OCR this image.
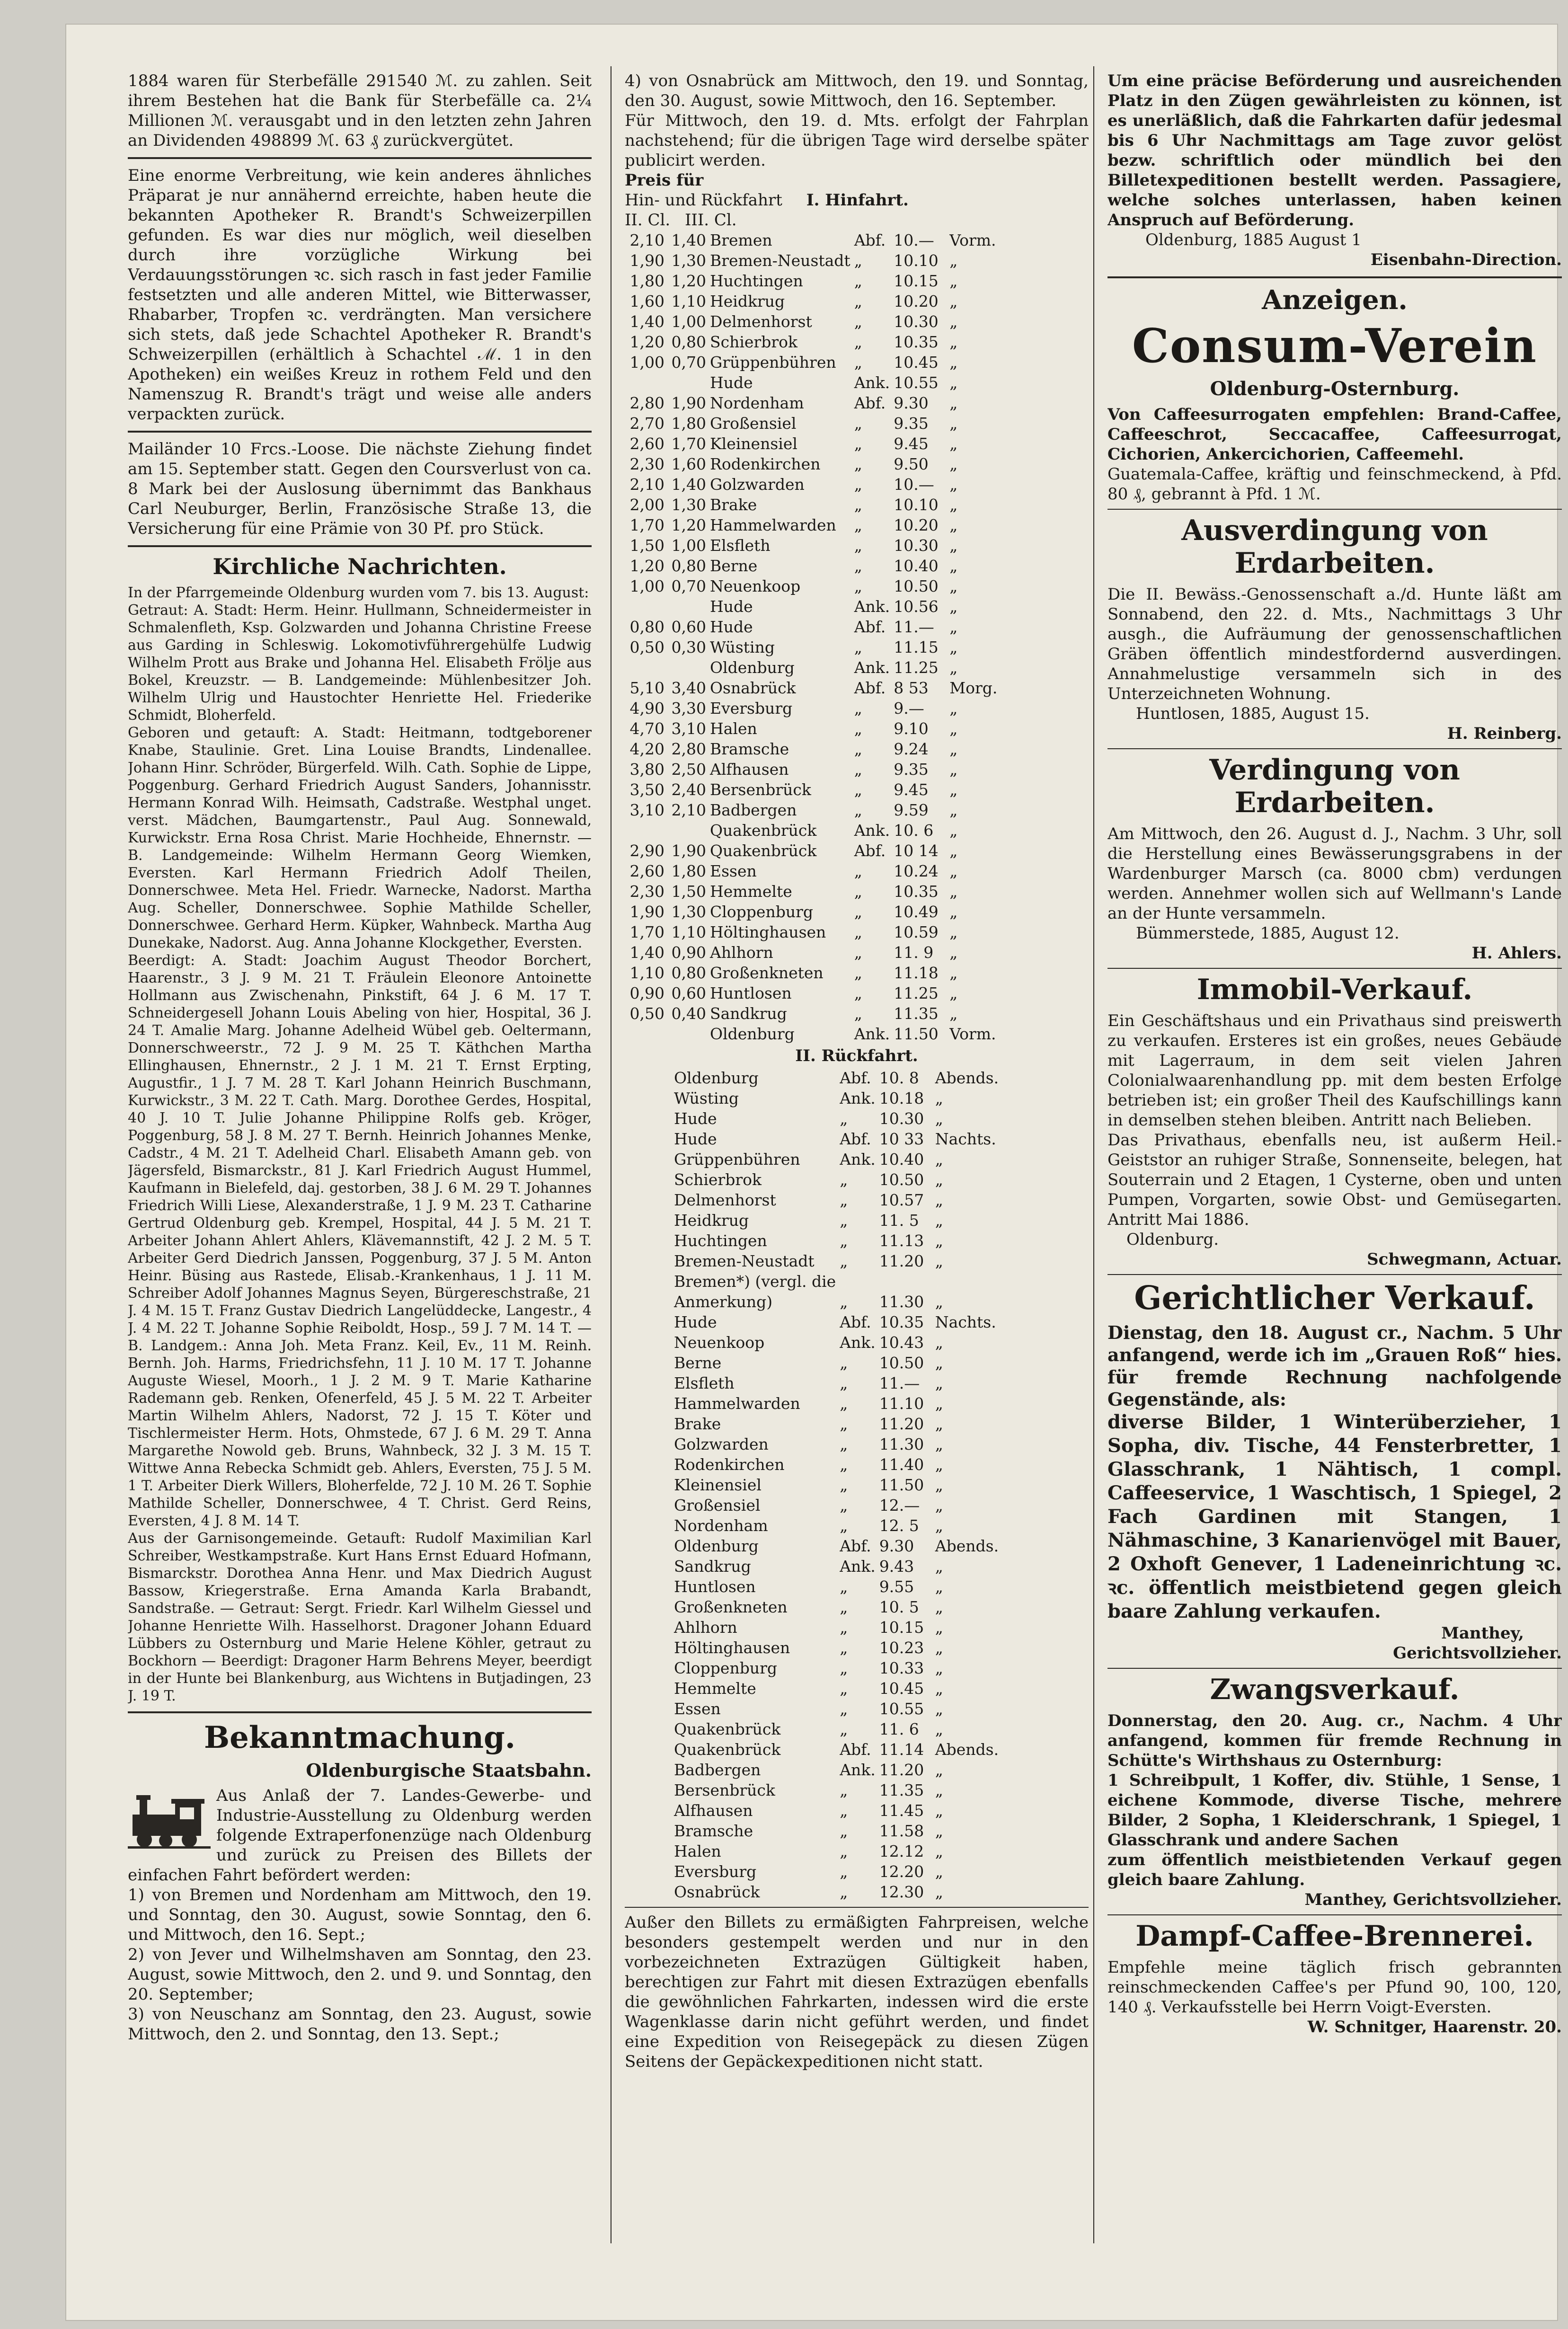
1884 waren für Sterbefälle 291540 ℳ. zu zahlen. Seit ihrem Bestehen hat die Bank für Sterbefälle ca. 2¼ Millionen ℳ. verausgabt und in den letzten zehn Jahren an Dividenden 498899 ℳ. 63 ₰ zurückvergütet.

Eine enorme Verbreitung, wie kein anderes ähnliches Präparat je nur annähernd erreichte, haben heute die bekannten Apotheker R. Brandt's Schweizerpillen gefunden. Es war dies nur möglich, weil dieselben durch ihre vorzügliche Wirkung bei Verdauungsstörungen ꝛc. sich rasch in fast jeder Familie festsetzten und alle anderen Mittel, wie Bitterwasser, Rhabarber, Tropfen ꝛc. verdrängten. Man versichere sich stets, daß jede Schachtel Apotheker R. Brandt's Schweizerpillen (erhältlich à Schachtel ℳ. 1 in den Apotheken) ein weißes Kreuz in rothem Feld und den Namenszug R. Brandt's trägt und weise alle anders verpackten zurück.

Mailänder 10 Frcs.-Loose. Die nächste Ziehung findet am 15. September statt. Gegen den Coursverlust von ca. 8 Mark bei der Auslosung übernimmt das Bankhaus Carl Neuburger, Berlin, Französische Straße 13, die Versicherung für eine Prämie von 30 Pf. pro Stück.

Kirchliche Nachrichten.

In der Pfarrgemeinde Oldenburg wurden vom 7. bis 13. August:

Getraut: A. Stadt: Herm. Heinr. Hullmann, Schneidermeister in Schmalenfleth, Ksp. Golzwarden und Johanna Christine Freese aus Garding in Schleswig. Lokomotivführergehülfe Ludwig Wilhelm Prott aus Brake und Johanna Hel. Elisabeth Frölje aus Bokel, Kreuzstr. — B. Landgemeinde: Mühlenbesitzer Joh. Wilhelm Ulrig und Haustochter Henriette Hel. Friederike Schmidt, Bloherfeld.

Geboren und getauft: A. Stadt: Heitmann, todtgeborener Knabe, Staulinie. Gret. Lina Louise Brandts, Lindenallee. Johann Hinr. Schröder, Bürgerfeld. Wilh. Cath. Sophie de Lippe, Poggenburg. Gerhard Friedrich August Sanders, Johannisstr. Hermann Konrad Wilh. Heimsath, Cadstraße. Westphal unget. verst. Mädchen, Baumgartenstr., Paul Aug. Sonnewald, Kurwickstr. Erna Rosa Christ. Marie Hochheide, Ehnernstr. — B. Landgemeinde: Wilhelm Hermann Georg Wiemken, Eversten. Karl Hermann Friedrich Adolf Theilen, Donnerschwee. Meta Hel. Friedr. Warnecke, Nadorst. Martha Aug. Scheller, Donnerschwee. Sophie Mathilde Scheller, Donnerschwee. Gerhard Herm. Küpker, Wahnbeck. Martha Aug Dunekake, Nadorst. Aug. Anna Johanne Klockgether, Eversten.

Beerdigt: A. Stadt: Joachim August Theodor Borchert, Haarenstr., 3 J. 9 M. 21 T. Fräulein Eleonore Antoinette Hollmann aus Zwischenahn, Pinkstift, 64 J. 6 M. 17 T. Schneidergesell Johann Louis Abeling von hier, Hospital, 36 J. 24 T. Amalie Marg. Johanne Adelheid Wübel geb. Oeltermann, Donnerschweerstr., 72 J. 9 M. 25 T. Käthchen Martha Ellinghausen, Ehnernstr., 2 J. 1 M. 21 T. Ernst Erpting, Augustfir., 1 J. 7 M. 28 T. Karl Johann Heinrich Buschmann, Kurwickstr., 3 M. 22 T. Cath. Marg. Dorothee Gerdes, Hospital, 40 J. 10 T. Julie Johanne Philippine Rolfs geb. Kröger, Poggenburg, 58 J. 8 M. 27 T. Bernh. Heinrich Johannes Menke, Cadstr., 4 M. 21 T. Adelheid Charl. Elisabeth Amann geb. von Jägersfeld, Bismarckstr., 81 J. Karl Friedrich August Hummel, Kaufmann in Bielefeld, daj. gestorben, 38 J. 6 M. 29 T. Johannes Friedrich Willi Liese, Alexanderstraße, 1 J. 9 M. 23 T. Catharine Gertrud Oldenburg geb. Krempel, Hospital, 44 J. 5 M. 21 T. Arbeiter Johann Ahlert Ahlers, Klävemannstift, 42 J. 2 M. 5 T. Arbeiter Gerd Diedrich Janssen, Poggenburg, 37 J. 5 M. Anton Heinr. Büsing aus Rastede, Elisab.-Krankenhaus, 1 J. 11 M. Schreiber Adolf Johannes Magnus Seyen, Bürgereschstraße, 21 J. 4 M. 15 T. Franz Gustav Diedrich Langelüddecke, Langestr., 4 J. 4 M. 22 T. Johanne Sophie Reiboldt, Hosp., 59 J. 7 M. 14 T. — B. Landgem.: Anna Joh. Meta Franz. Keil, Ev., 11 M. Reinh. Bernh. Joh. Harms, Friedrichsfehn, 11 J. 10 M. 17 T. Johanne Auguste Wiesel, Moorh., 1 J. 2 M. 9 T. Marie Katharine Rademann geb. Renken, Ofenerfeld, 45 J. 5 M. 22 T. Arbeiter Martin Wilhelm Ahlers, Nadorst, 72 J. 15 T. Köter und Tischlermeister Herm. Hots, Ohmstede, 67 J. 6 M. 29 T. Anna Margarethe Nowold geb. Bruns, Wahnbeck, 32 J. 3 M. 15 T. Wittwe Anna Rebecka Schmidt geb. Ahlers, Eversten, 75 J. 5 M. 1 T. Arbeiter Dierk Willers, Bloherfelde, 72 J. 10 M. 26 T. Sophie Mathilde Scheller, Donnerschwee, 4 T. Christ. Gerd Reins, Eversten, 4 J. 8 M. 14 T.

Aus der Garnisongemeinde. Getauft: Rudolf Maximilian Karl Schreiber, Westkampstraße. Kurt Hans Ernst Eduard Hofmann, Bismarckstr. Dorothea Anna Henr. und Max Diedrich August Bassow, Kriegerstraße. Erna Amanda Karla Brabandt, Sandstraße. — Getraut: Sergt. Friedr. Karl Wilhelm Giessel und Johanne Henriette Wilh. Hasselhorst. Dragoner Johann Eduard Lübbers zu Osternburg und Marie Helene Köhler, getraut zu Bockhorn — Beerdigt: Dragoner Harm Behrens Meyer, beerdigt in der Hunte bei Blankenburg, aus Wichtens in Butjadingen, 23 J. 19 T.

Bekanntmachung.
Oldenburgische Staatsbahn.

Aus Anlaß der 7. Landes-Gewerbe- und Industrie-Ausstellung zu Oldenburg werden folgende Extraperfonenzüge nach Oldenburg und zurück zu Preisen des Billets der einfachen Fahrt befördert werden:

1) von Bremen und Nordenham am Mittwoch, den 19. und Sonntag, den 30. August, sowie Sonntag, den 6. und Mittwoch, den 16. Sept.;

2) von Jever und Wilhelmshaven am Sonntag, den 23. August, sowie Mittwoch, den 2. und 9. und Sonntag, den 20. September;

3) von Neuschanz am Sonntag, den 23. August, sowie Mittwoch, den 2. und Sonntag, den 13. Sept.;

4) von Osnabrück am Mittwoch, den 19. und Sonntag, den 30. August, sowie Mittwoch, den 16. September.

Für Mittwoch, den 19. d. Mts. erfolgt der Fahrplan nachstehend; für die übrigen Tage wird derselbe später publicirt werden.

Preis für
Hin- und Rückfahrt I. Hinfahrt.
II. Cl. III. Cl.
2,10	1,40	Bremen	Abf.	10.—	Vorm.
1,90	1,30	Bremen-Neustadt	„	10.10	„
1,80	1,20	Huchtingen	„	10.15	„
1,60	1,10	Heidkrug	„	10.20	„
1,40	1,00	Delmenhorst	„	10.30	„
1,20	0,80	Schierbrok	„	10.35	„
1,00	0,70	Grüppenbühren	„	10.45	„
		Hude	Ank.	10.55	„
2,80	1,90	Nordenham	Abf.	9.30	„
2,70	1,80	Großensiel	„	9.35	„
2,60	1,70	Kleinensiel	„	9.45	„
2,30	1,60	Rodenkirchen	„	9.50	„
2,10	1,40	Golzwarden	„	10.—	„
2,00	1,30	Brake	„	10.10	„
1,70	1,20	Hammelwarden	„	10.20	„
1,50	1,00	Elsfleth	„	10.30	„
1,20	0,80	Berne	„	10.40	„
1,00	0,70	Neuenkoop	„	10.50	„
		Hude	Ank.	10.56	„
0,80	0,60	Hude	Abf.	11.—	„
0,50	0,30	Wüsting	„	11.15	„
		Oldenburg	Ank.	11.25	„
5,10	3,40	Osnabrück	Abf.	8 53	Morg.
4,90	3,30	Eversburg	„	9.—	„
4,70	3,10	Halen	„	9.10	„
4,20	2,80	Bramsche	„	9.24	„
3,80	2,50	Alfhausen	„	9.35	„
3,50	2,40	Bersenbrück	„	9.45	„
3,10	2,10	Badbergen	„	9.59	„
		Quakenbrück	Ank.	10. 6	„
2,90	1,90	Quakenbrück	Abf.	10 14	„
2,60	1,80	Essen	„	10.24	„
2,30	1,50	Hemmelte	„	10.35	„
1,90	1,30	Cloppenburg	„	10.49	„
1,70	1,10	Höltinghausen	„	10.59	„
1,40	0,90	Ahlhorn	„	11. 9	„
1,10	0,80	Großenkneten	„	11.18	„
0,90	0,60	Huntlosen	„	11.25	„
0,50	0,40	Sandkrug	„	11.35	„
		Oldenburg	Ank.	11.50	Vorm.
II. Rückfahrt.
Oldenburg	Abf.	10. 8	Abends.
Wüsting	Ank.	10.18	„
Hude	„	10.30	„

Hude	Abf.	10 33	Nachts.
Grüppenbühren	Ank.	10.40	„
Schierbrok	„	10.50	„
Delmenhorst	„	10.57	„
Heidkrug	„	11. 5	„
Huchtingen	„	11.13	„
Bremen-Neustadt	„	11.20	„
Bremen*) (vergl. die			
Anmerkung)	„	11.30	„

Hude	Abf.	10.35	Nachts.
Neuenkoop	Ank.	10.43	„
Berne	„	10.50	„
Elsfleth	„	11.—	„
Hammelwarden	„	11.10	„
Brake	„	11.20	„
Golzwarden	„	11.30	„
Rodenkirchen	„	11.40	„
Kleinensiel	„	11.50	„
Großensiel	„	12.—	„
Nordenham	„	12. 5	„

Oldenburg	Abf.	9.30	Abends.
Sandkrug	Ank.	9.43	„
Huntlosen	„	9.55	„
Großenkneten	„	10. 5	„
Ahlhorn	„	10.15	„
Höltinghausen	„	10.23	„
Cloppenburg	„	10.33	„
Hemmelte	„	10.45	„
Essen	„	10.55	„
Quakenbrück	„	11. 6	„

Quakenbrück	Abf.	11.14	Abends.
Badbergen	Ank.	11.20	„
Bersenbrück	„	11.35	„
Alfhausen	„	11.45	„
Bramsche	„	11.58	„
Halen	„	12.12	„
Eversburg	„	12.20	„
Osnabrück	„	12.30	„

Außer den Billets zu ermäßigten Fahrpreisen, welche besonders gestempelt werden und nur in den vorbezeichneten Extrazügen Gültigkeit haben, berechtigen zur Fahrt mit diesen Extrazügen ebenfalls die gewöhnlichen Fahrkarten, indessen wird die erste Wagenklasse darin nicht geführt werden, und findet eine Expedition von Reisegepäck zu diesen Zügen Seitens der Gepäckexpeditionen nicht statt.

Um eine präcise Beförderung und ausreichenden Platz in den Zügen gewährleisten zu können, ist es unerläßlich, daß die Fahrkarten dafür jedesmal bis 6 Uhr Nachmittags am Tage zuvor gelöst bezw. schriftlich oder mündlich bei den Billetexpeditionen bestellt werden. Passagiere, welche solches unterlassen, haben keinen Anspruch auf Beförderung.

Oldenburg, 1885 August 1

Eisenbahn-Direction.

Anzeigen.
Consum-Verein
Oldenburg-Osternburg.

Von Caffeesurrogaten empfehlen: Brand-Caffee, Caffeeschrot, Seccacaffee, Caffeesurrogat, Cichorien, Ankercichorien, Caffeemehl.

Guatemala-Caffee, kräftig und feinschmeckend, à Pfd. 80 ₰, gebrannt à Pfd. 1 ℳ.

Ausverdingung von Erdarbeiten.

Die II. Bewäss.-Genossenschaft a./d. Hunte läßt am Sonnabend, den 22. d. Mts., Nachmittags 3 Uhr ausgh., die Aufräumung der genossenschaftlichen Gräben öffentlich mindestfordernd ausverdingen. Annahmelustige versammeln sich in des Unterzeichneten Wohnung.

Huntlosen, 1885, August 15.

H. Reinberg.

Verdingung von Erdarbeiten.

Am Mittwoch, den 26. August d. J., Nachm. 3 Uhr, soll die Herstellung eines Bewässerungsgrabens in der Wardenburger Marsch (ca. 8000 cbm) verdungen werden. Annehmer wollen sich auf Wellmann's Lande an der Hunte versammeln.

Bümmerstede, 1885, August 12.

H. Ahlers.

Immobil-Verkauf.

Ein Geschäftshaus und ein Privathaus sind preiswerth zu verkaufen. Ersteres ist ein großes, neues Gebäude mit Lagerraum, in dem seit vielen Jahren Colonialwaarenhandlung pp. mit dem besten Erfolge betrieben ist; ein großer Theil des Kaufschillings kann in demselben stehen bleiben. Antritt nach Belieben.

Das Privathaus, ebenfalls neu, ist außerm Heil.-Geiststor an ruhiger Straße, Sonnenseite, belegen, hat Souterrain und 2 Etagen, 1 Cysterne, oben und unten Pumpen, Vorgarten, sowie Obst- und Gemüsegarten. Antritt Mai 1886.

Oldenburg.

Schwegmann, Actuar.

Gerichtlicher Verkauf.

Dienstag, den 18. August cr., Nachm. 5 Uhr anfangend, werde ich im „Grauen Roß“ hies. für fremde Rechnung nachfolgende Gegenstände, als:

diverse Bilder, 1 Winterüberzieher, 1 Sopha, div. Tische, 44 Fensterbretter, 1 Glasschrank, 1 Nähtisch, 1 compl. Caffeeservice, 1 Waschtisch, 1 Spiegel, 2 Fach Gardinen mit Stangen, 1 Nähmaschine, 3 Kanarienvögel mit Bauer, 2 Oxhoft Genever, 1 Ladeneinrichtung ꝛc. ꝛc. öffentlich meistbietend gegen gleich baare Zahlung verkaufen.

Manthey,

Gerichtsvollzieher.

Zwangsverkauf.

Donnerstag, den 20. Aug. cr., Nachm. 4 Uhr anfangend, kommen für fremde Rechnung in Schütte's Wirthshaus zu Osternburg:

1 Schreibpult, 1 Koffer, div. Stühle, 1 Sense, 1 eichene Kommode, diverse Tische, mehrere Bilder, 2 Sopha, 1 Kleiderschrank, 1 Spiegel, 1 Glasschrank und andere Sachen

zum öffentlich meistbietenden Verkauf gegen gleich baare Zahlung.

Manthey, Gerichtsvollzieher.

Dampf-Caffee-Brennerei.

Empfehle meine täglich frisch gebrannten reinschmeckenden Caffee's per Pfund 90, 100, 120, 140 ₰. Verkaufsstelle bei Herrn Voigt-Eversten.

W. Schnitger, Haarenstr. 20.
